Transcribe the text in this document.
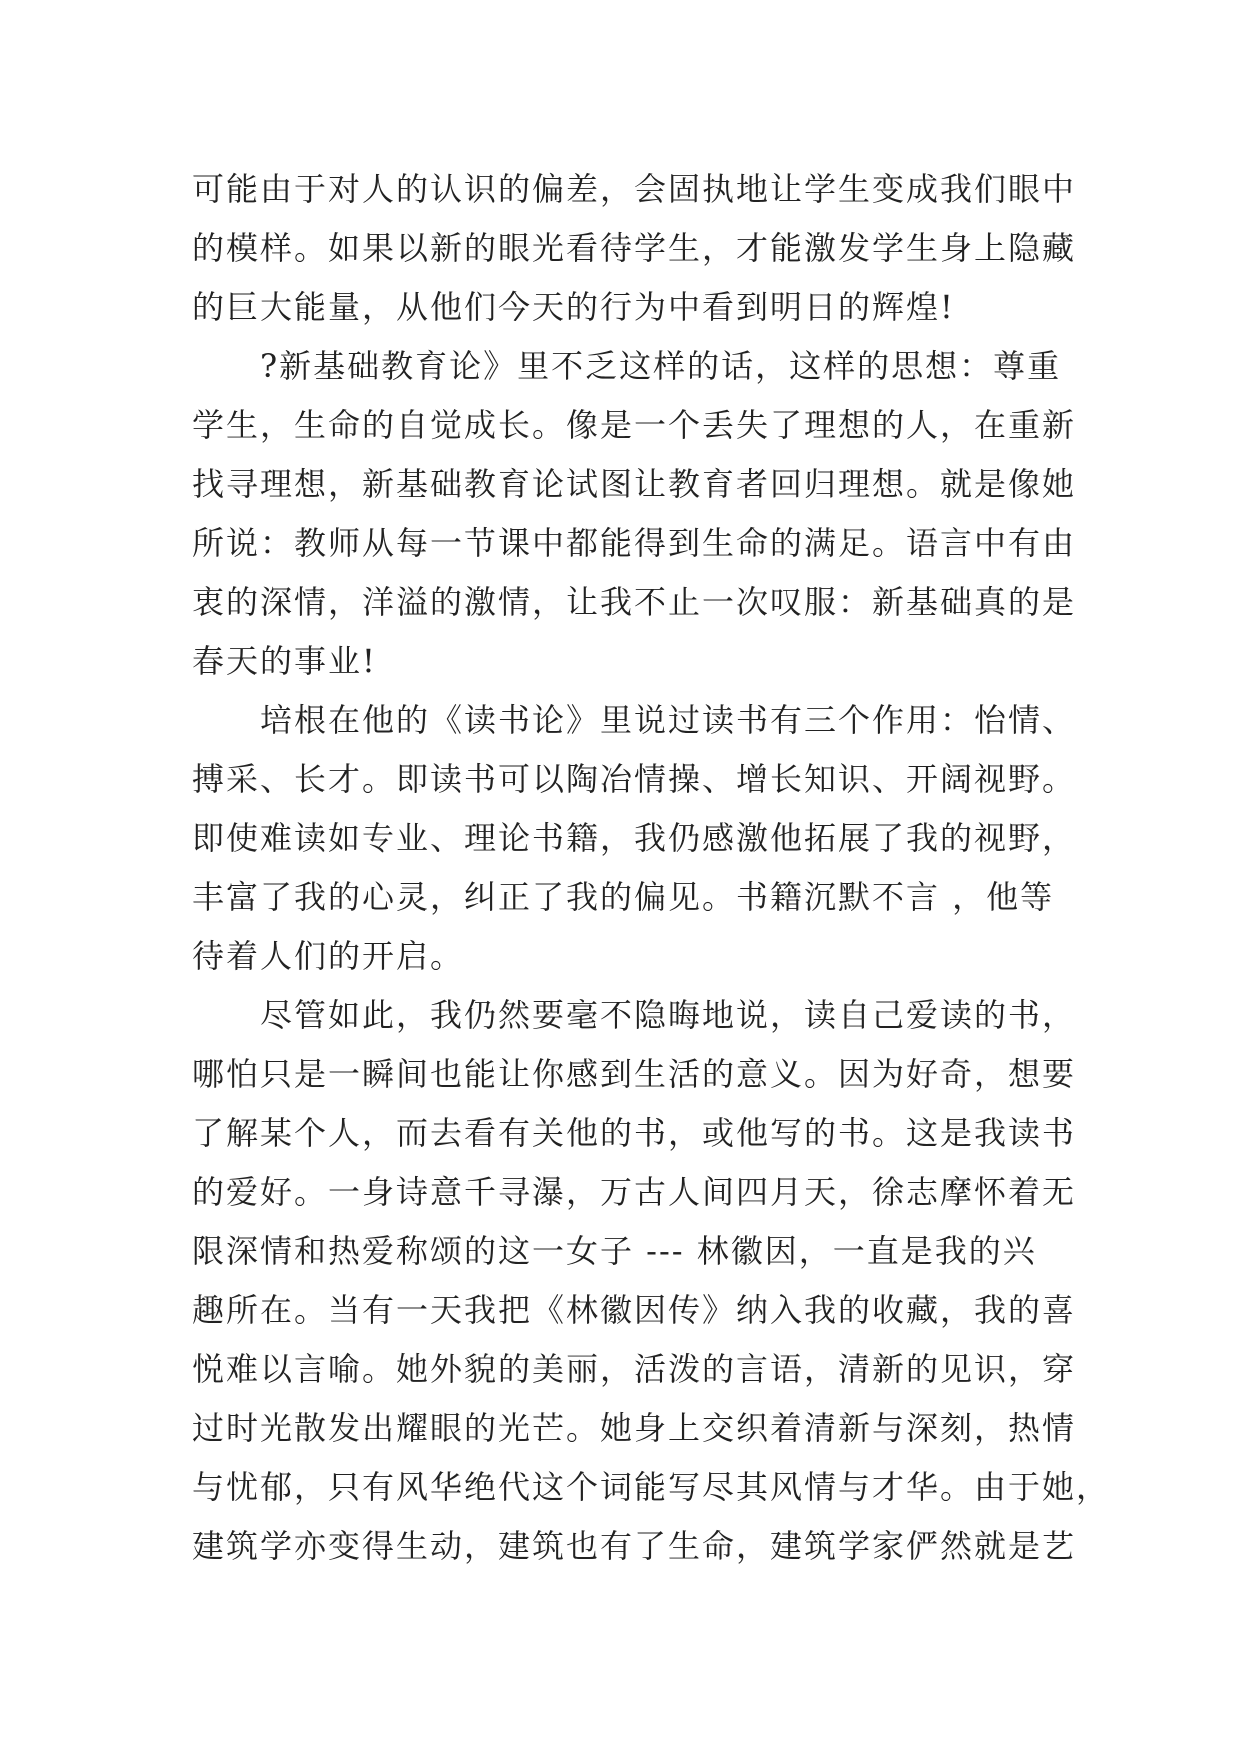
可能由于对人的认识的偏差，会固执地让学生变成我们眼中
的模样。如果以新的眼光看待学生，才能激发学生身上隐藏
的巨大能量，从他们今天的行为中看到明日的辉煌!
　　?新基础教育论》里不乏这样的话，这样的思想：尊重
学生，生命的自觉成长。像是一个丢失了理想的人，在重新
找寻理想，新基础教育论试图让教育者回归理想。就是像她
所说：教师从每一节课中都能得到生命的满足。语言中有由
衷的深情，洋溢的激情，让我不止一次叹服：新基础真的是
春天的事业!
　　培根在他的《读书论》里说过读书有三个作用：怡情、
搏采、长才。即读书可以陶冶情操、增长知识、开阔视野。
即使难读如专业、理论书籍，我仍感激他拓展了我的视野，
丰富了我的心灵，纠正了我的偏见。书籍沉默不言 ，他等
待着人们的开启。
　　尽管如此，我仍然要毫不隐晦地说，读自己爱读的书，
哪怕只是一瞬间也能让你感到生活的意义。因为好奇，想要
了解某个人，而去看有关他的书，或他写的书。这是我读书
的爱好。一身诗意千寻瀑，万古人间四月天，徐志摩怀着无
限深情和热爱称颂的这一女子 --- 林徽因，一直是我的兴
趣所在。当有一天我把《林徽因传》纳入我的收藏，我的喜
悦难以言喻。她外貌的美丽，活泼的言语，清新的见识，穿
过时光散发出耀眼的光芒。她身上交织着清新与深刻，热情
与忧郁，只有风华绝代这个词能写尽其风情与才华。由于她，
建筑学亦变得生动，建筑也有了生命，建筑学家俨然就是艺
